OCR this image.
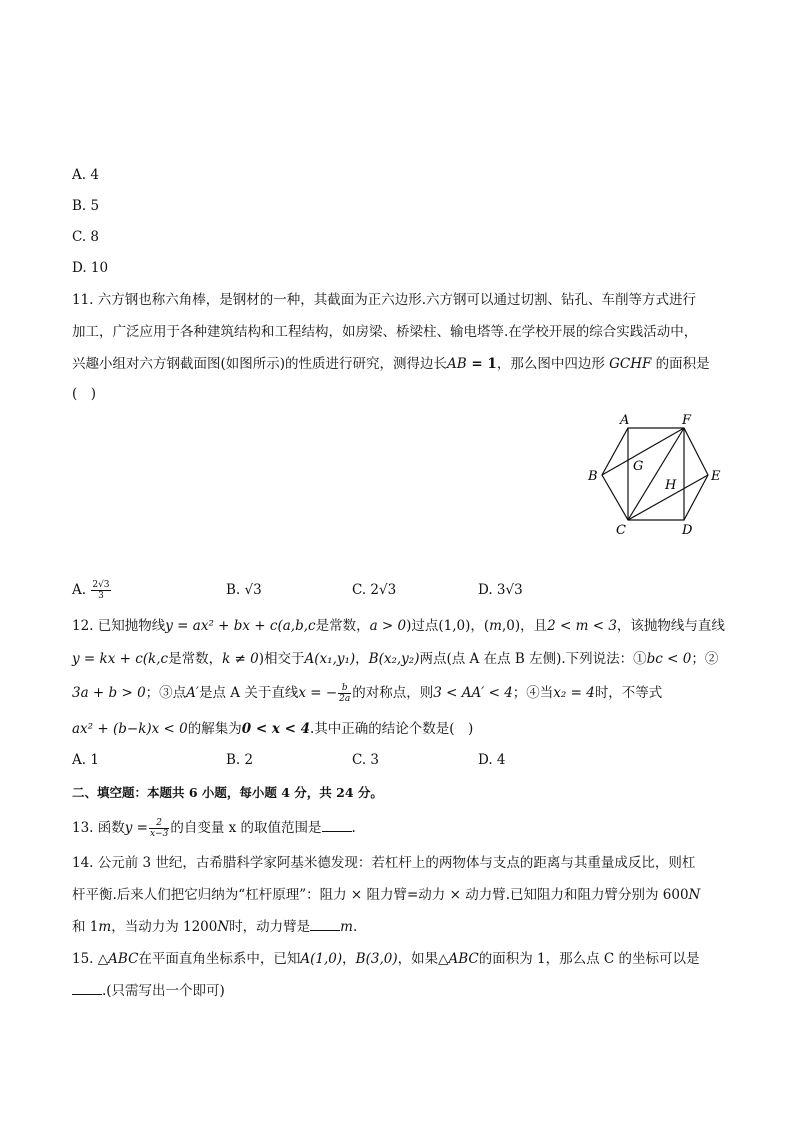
A. 4
B. 5
C. 8
D. 10
11. 六方钢也称六角棒，是钢材的一种，其截面为正六边形.六方钢可以通过切割、钻孔、车削等方式进行
加工，广泛应用于各种建筑结构和工程结构，如房梁、桥梁柱、输电塔等.在学校开展的综合实践活动中，
兴趣小组对六方钢截面图(如图所示)的性质进行研究，测得边长AB = 1，那么图中四边形 GCHF 的面积是
(　)
A	F
B
G
E
H
C	D
A. $\frac{2√3}{3}$	B. √3	C. 2√3	D. 3√3
12. 已知抛物线y = ax² + bx + c(a,b,c是常数，a > 0)过点(1,0)，(m,0)，且2 < m < 3，该抛物线与直线
y = kx + c(k,c是常数，k ≠ 0)相交于A(x₁,y₁)，B(x₂,y₂)两点(点 A 在点 B 左侧).下列说法：①bc < 0；②
3a + b > 0；③点A′是点 A 关于直线x = − $\frac{b}{2a}$ 的对称点，则3 < AA′ < 4；④当x₂ = 4时，不等式
ax² + (b−k)x < 0的解集为0 < x < 4.其中正确的结论个数是(　)
A. 1	B. 2	C. 3	D. 4
二、填空题：本题共 6 小题，每小题 4 分，共 24 分。
13. 函数$y = \frac{2}{x-3}$ 的自变量 x 的取值范围是 .
14. 公元前 3 世纪，古希腊科学家阿基米德发现：若杠杆上的两物体与支点的距离与其重量成反比，则杠
杆平衡.后来人们把它归纳为“杠杆原理”：阻力 × 阻力臂=动力 × 动力臂.已知阻力和阻力臂分别为 600N
和 1m，当动力为 1200N时，动力臂是 m.
15. △ABC在平面直角坐标系中，已知A(1,0)，B(3,0)，如果△ABC的面积为 1，那么点 C 的坐标可以是
.(只需写出一个即可)
